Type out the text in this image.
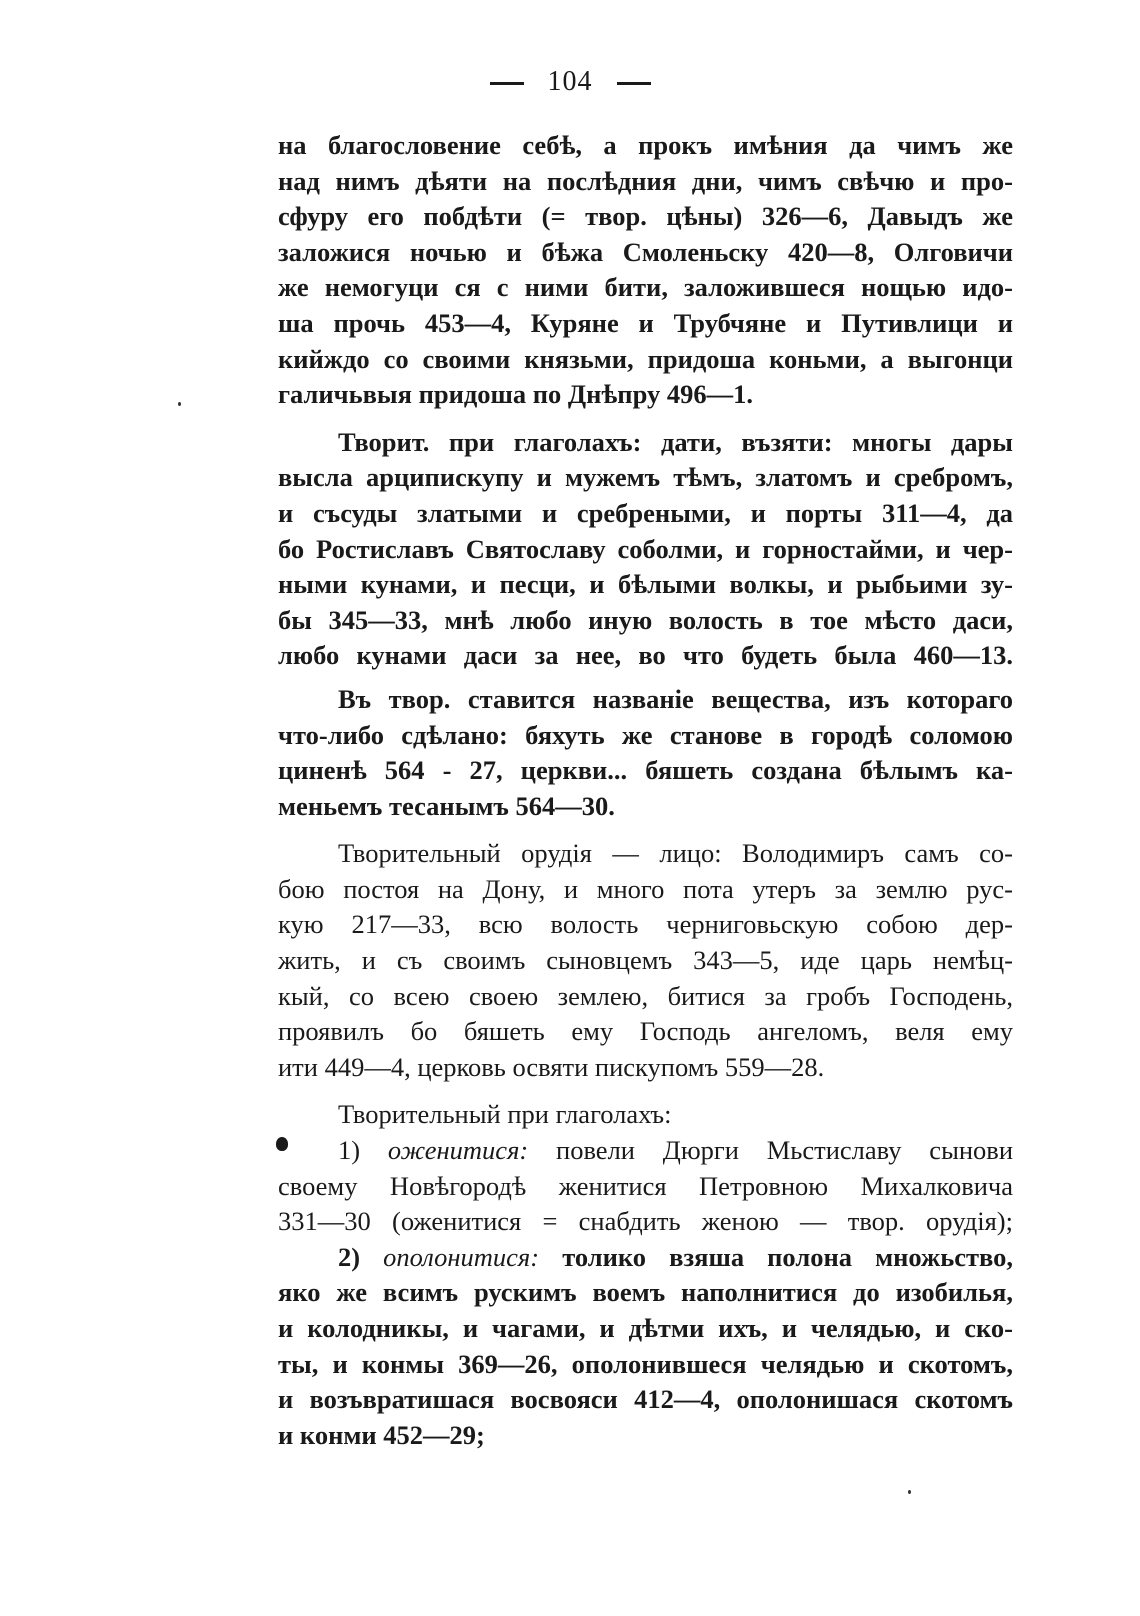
104
на благословение себѣ, а прокъ имѣния да чимъ же
над нимъ дѣяти на послѣдния дни, чимъ свѣчю и про-
сфуру его побдѣти (= твор. цѣны) 326—6, Давыдъ же
заложися ночью и бѣжа Смоленьску 420—8, Олговичи
же немогуци ся с ними бити, заложившеся нощью идо-
ша прочь 453—4, Куряне и Трубчяне и Путивлици и
кийждо со своими князьми, придоша коньми, а выгонци
галичьвыя придоша по Днѣпру 496—1.
Творит. при глаголахъ: дати, възяти: многы дары
высла арципискупу и мужемъ тѣмъ, златомъ и сребромъ,
и съсуды златыми и сребреными, и порты 311—4, да
бо Ростиславъ Святославу соболми, и горностайми, и чер-
ными кунами, и песци, и бѣлыми волкы, и рыбьими зу-
бы 345—33, мнѣ любо иную волость в тое мѣсто даси,
любо кунами даси за нее, во что будеть была 460—13.
Въ твор. ставится названіе вещества, изъ котораго
что-либо сдѣлано: бяхуть же станове в городѣ соломою
циненѣ 564 - 27, церкви... бяшеть создана бѣлымъ ка-
меньемъ тесанымъ 564—30.
Творительный орудія — лицо: Володимиръ самъ со-
бою постоя на Дону, и много пота утеръ за землю рус-
кую 217—33, всю волость черниговьскую собою дер-
жить, и съ своимъ сыновцемъ 343—5, иде царь немѣц-
кый, со всею своею землею, битися за гробъ Господень,
проявилъ бо бяшеть ему Господь ангеломъ, веля ему
ити 449—4, церковь освяти пискупомъ 559—28.
Творительный при глаголахъ:
1) оженитися: повели Дюрги Мьстиславу сынови
своему Новѣгородѣ женитися Петровною Михалковича
331—30 (оженитися = снабдить женою — твор. орудія);
2) ополонитися: толико взяша полона множьство,
яко же всимъ рускимъ воемъ наполнитися до изобилья,
и колодникы, и чагами, и дѣтми ихъ, и челядью, и ско-
ты, и конмы 369—26, ополонившеся челядью и скотомъ,
и возъвратишася восвояси 412—4, ополонишася скотомъ
и конми 452—29;
